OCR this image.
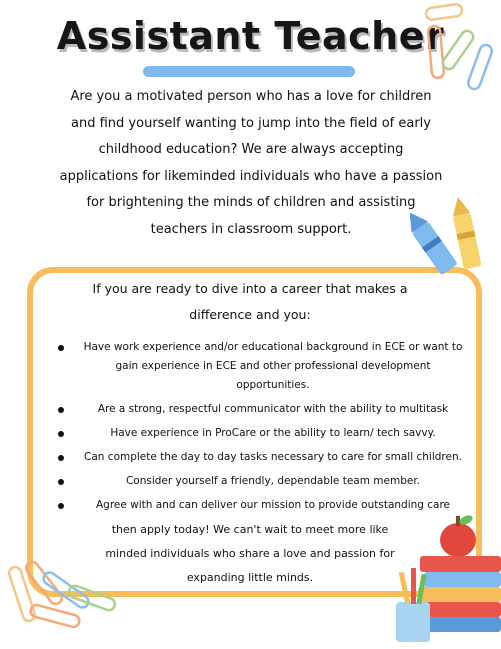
Assistant Teacher
Are you a motivated person who has a love for children
and find yourself wanting to jump into the field of early
childhood education? We are always accepting
applications for likeminded individuals who have a passion
for brightening the minds of children and assisting
teachers in classroom support.
If you are ready to dive into a career that makes a
difference and you:
Have work experience and/or educational background in ECE or want to gain experience in ECE and other professional development opportunities.
Are a strong, respectful communicator with the ability to multitask
Have experience in ProCare or the ability to learn/ tech savvy.
Can complete the day to day tasks necessary to care for small children.
Consider yourself a friendly, dependable team member.
Agree with and can deliver our mission to provide outstanding care
then apply today! We can't wait to meet more like
minded individuals who share a love and passion for
expanding little minds.
